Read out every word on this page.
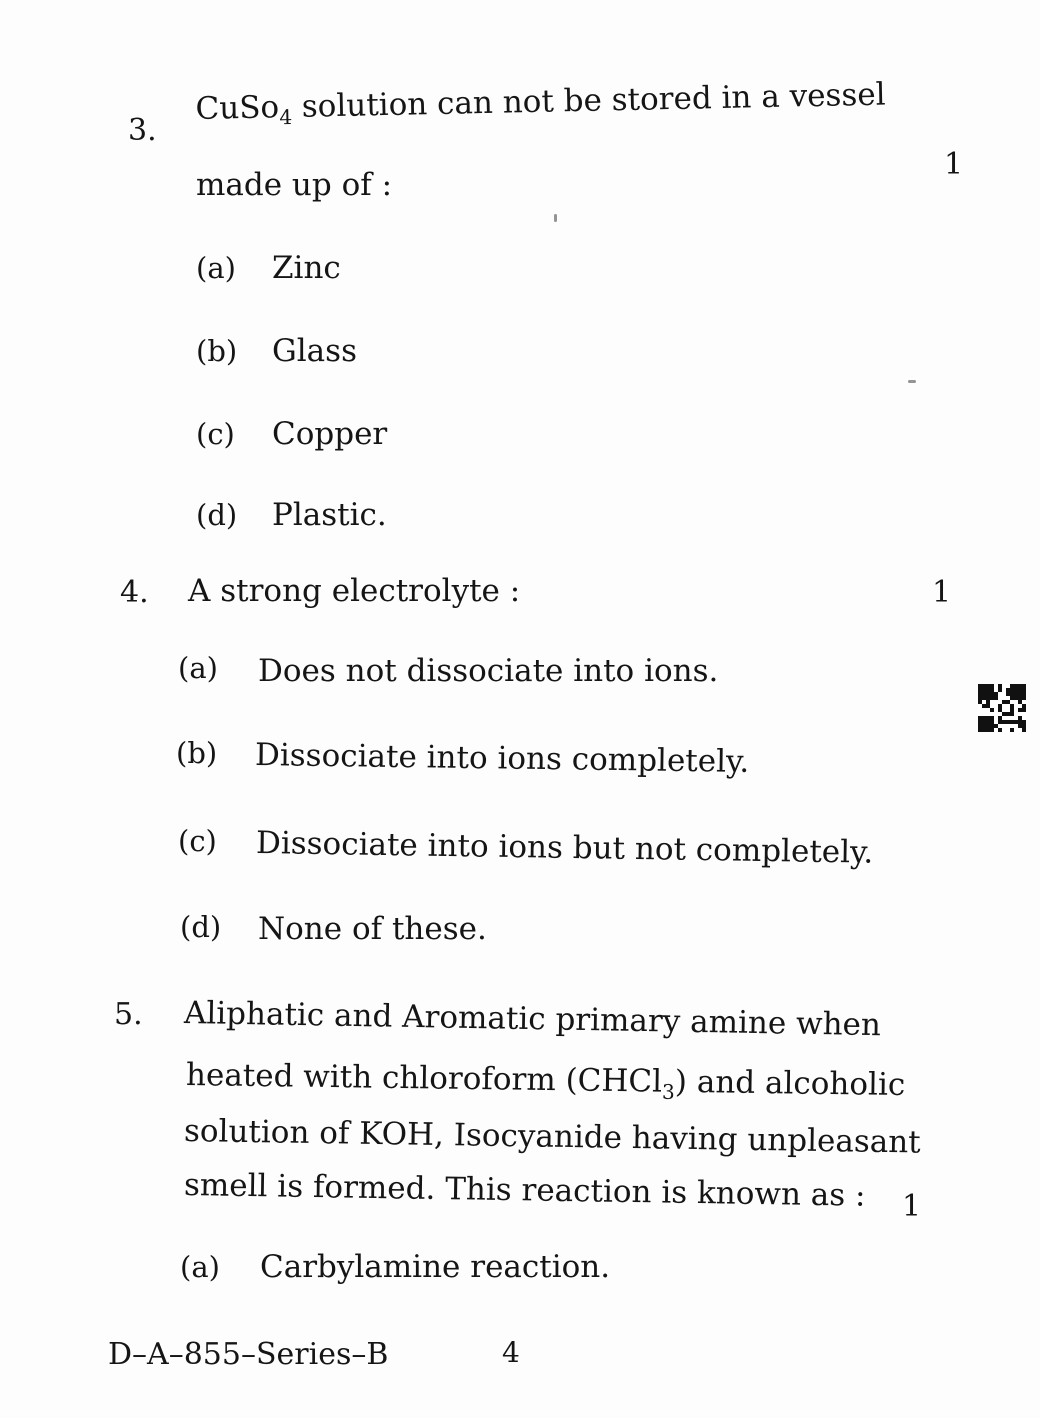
3.
CuSo$_4$ solution can not be stored in a vessel
made up of :
1
(a) Zinc
(b) Glass
(c) Copper
(d) Plastic.
4. A strong electrolyte :	1
(a) Does not dissociate into ions.
(b) Dissociate into ions completely.
(c) Dissociate into ions but not completely.
(d) None of these.
5. Aliphatic and Aromatic primary amine when
heated with chloroform (CHCl$_3$) and alcoholic
solution of KOH, Isocyanide having unpleasant
smell is formed. This reaction is known as : 1
(a) Carbylamine reaction.
D–A–855–Series–B	4
